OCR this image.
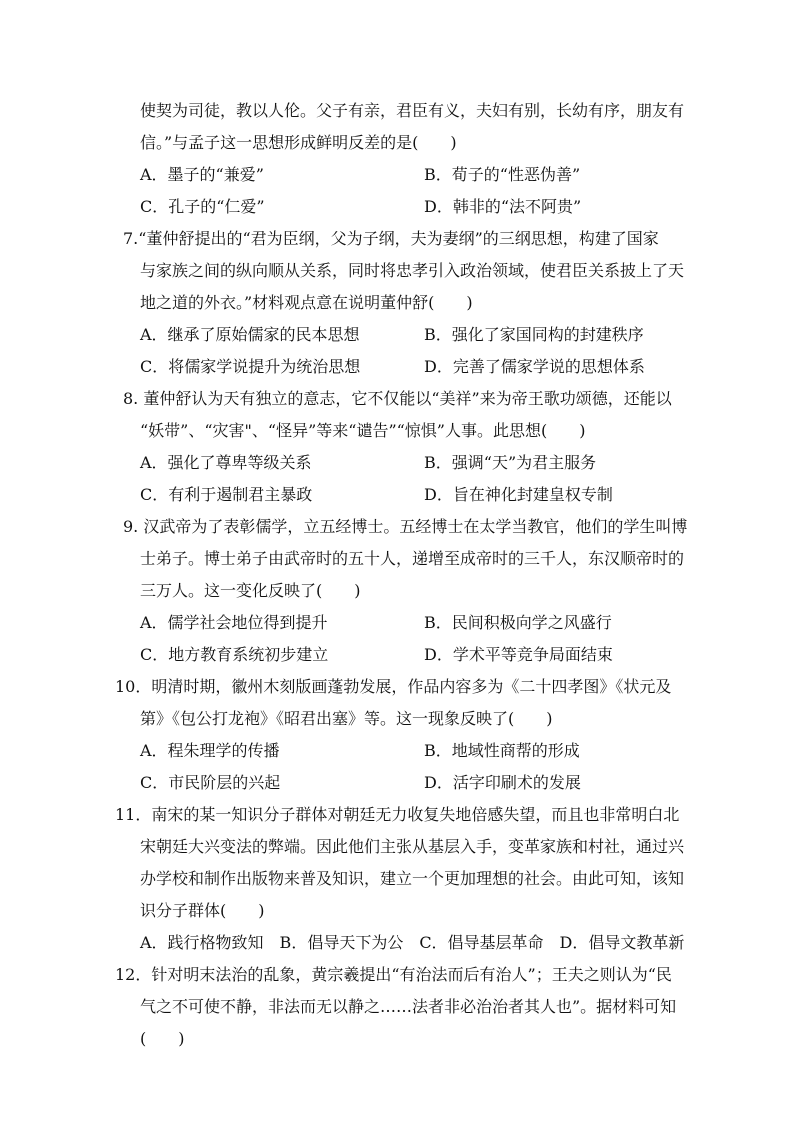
使契为司徒，教以人伦。父子有亲，君臣有义，夫妇有别，长幼有序，朋友有
信。”与孟子这一思想形成鲜明反差的是(　　)
A．墨子的“兼爱”	B．荀子的“性恶伪善”
C．孔子的“仁爱”	D．韩非的“法不阿贵”
7.“董仲舒提出的“君为臣纲，父为子纲，夫为妻纲”的三纲思想，构建了国家
与家族之间的纵向顺从关系，同时将忠孝引入政治领域，使君臣关系披上了天
地之道的外衣。”材料观点意在说明董仲舒(　　)
A．继承了原始儒家的民本思想	B．强化了家国同构的封建秩序
C．将儒家学说提升为统治思想	D．完善了儒家学说的思想体系
8. 董仲舒认为天有独立的意志，它不仅能以“美祥”来为帝王歌功颂德，还能以
“妖带”、“灾害"、“怪异”等来“谴告”“惊惧”人事。此思想(　　)
A．强化了尊卑等级关系	B．强调“天”为君主服务
C．有利于遏制君主暴政	D．旨在神化封建皇权专制
9. 汉武帝为了表彰儒学，立五经博士。五经博士在太学当教官，他们的学生叫博
士弟子。博士弟子由武帝时的五十人，递增至成帝时的三千人，东汉顺帝时的
三万人。这一变化反映了(　　)
A．儒学社会地位得到提升	B．民间积极向学之风盛行
C．地方教育系统初步建立	D．学术平等竞争局面结束
10．明清时期，徽州木刻版画蓬勃发展，作品内容多为《二十四孝图》《状元及
第》《包公打龙袍》《昭君出塞》等。这一现象反映了(　　)
A．程朱理学的传播	B．地域性商帮的形成
C．市民阶层的兴起	D．活字印刷术的发展
11．南宋的某一知识分子群体对朝廷无力收复失地倍感失望，而且也非常明白北
宋朝廷大兴变法的弊端。因此他们主张从基层入手，变革家族和村社，通过兴
办学校和制作出版物来普及知识，建立一个更加理想的社会。由此可知，该知
识分子群体(　　)
A．践行格物致知　B．倡导天下为公　C．倡导基层革命　D．倡导文教革新
12．针对明末法治的乱象，黄宗羲提出“有治法而后有治人”；王夫之则认为“民
气之不可使不静，非法而无以静之……法者非必治治者其人也”。据材料可知
(　　)
